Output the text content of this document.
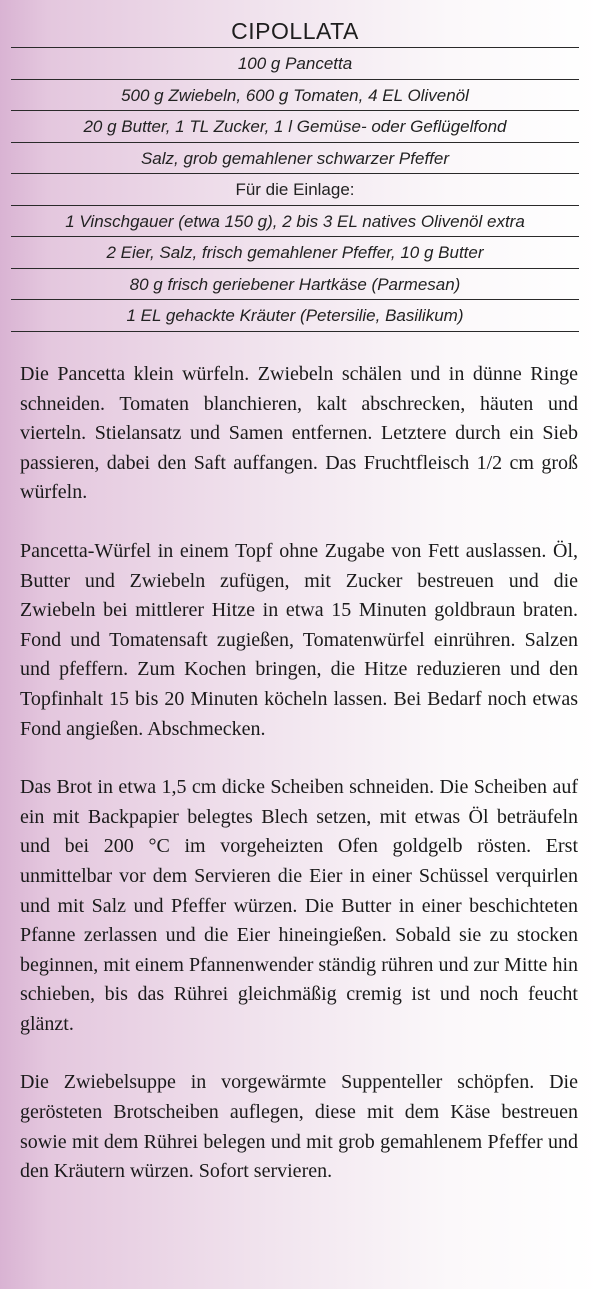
CIPOLLATA
100 g Pancetta
500 g Zwiebeln, 600 g Tomaten, 4 EL Olivenöl
20 g Butter, 1 TL Zucker, 1 l Gemüse- oder Geflügelfond
Salz, grob gemahlener schwarzer Pfeffer
Für die Einlage:
1 Vinschgauer (etwa 150 g), 2 bis 3 EL natives Olivenöl extra
2 Eier, Salz, frisch gemahlener Pfeffer, 10 g Butter
80 g frisch geriebener Hartkäse (Parmesan)
1 EL gehackte Kräuter (Petersilie, Basilikum)

Die Pancetta klein würfeln. Zwiebeln schälen und in dünne Ringe schneiden. Tomaten blanchieren, kalt abschrecken, häuten und vierteln. Stielansatz und Samen entfernen. Letztere durch ein Sieb passieren, dabei den Saft auffangen. Das Fruchtfleisch 1/2 cm groß würfeln.

Pancetta-Würfel in einem Topf ohne Zugabe von Fett auslassen. Öl, Butter und Zwiebeln zufügen, mit Zucker bestreuen und die Zwiebeln bei mittlerer Hitze in etwa 15 Minuten goldbraun braten. Fond und Tomatensaft zugießen, Tomatenwürfel einrühren. Salzen und pfeffern. Zum Kochen bringen, die Hitze reduzieren und den Topfinhalt 15 bis 20 Minuten köcheln lassen. Bei Bedarf noch etwas Fond angießen. Abschmecken.

Das Brot in etwa 1,5 cm dicke Scheiben schneiden. Die Scheiben auf ein mit Backpapier belegtes Blech setzen, mit etwas Öl beträufeln und bei 200 °C im vorgeheizten Ofen goldgelb rösten. Erst unmittelbar vor dem Servieren die Eier in einer Schüssel verquirlen und mit Salz und Pfeffer würzen. Die Butter in einer beschichteten Pfanne zerlassen und die Eier hineingießen. Sobald sie zu stocken beginnen, mit einem Pfannenwender ständig rühren und zur Mitte hin schieben, bis das Rührei gleichmäßig cremig ist und noch feucht glänzt.

Die Zwiebelsuppe in vorgewärmte Suppenteller schöpfen. Die gerösteten Brotscheiben auflegen, diese mit dem Käse bestreuen sowie mit dem Rührei belegen und mit grob gemahlenem Pfeffer und den Kräutern würzen. Sofort servieren.
